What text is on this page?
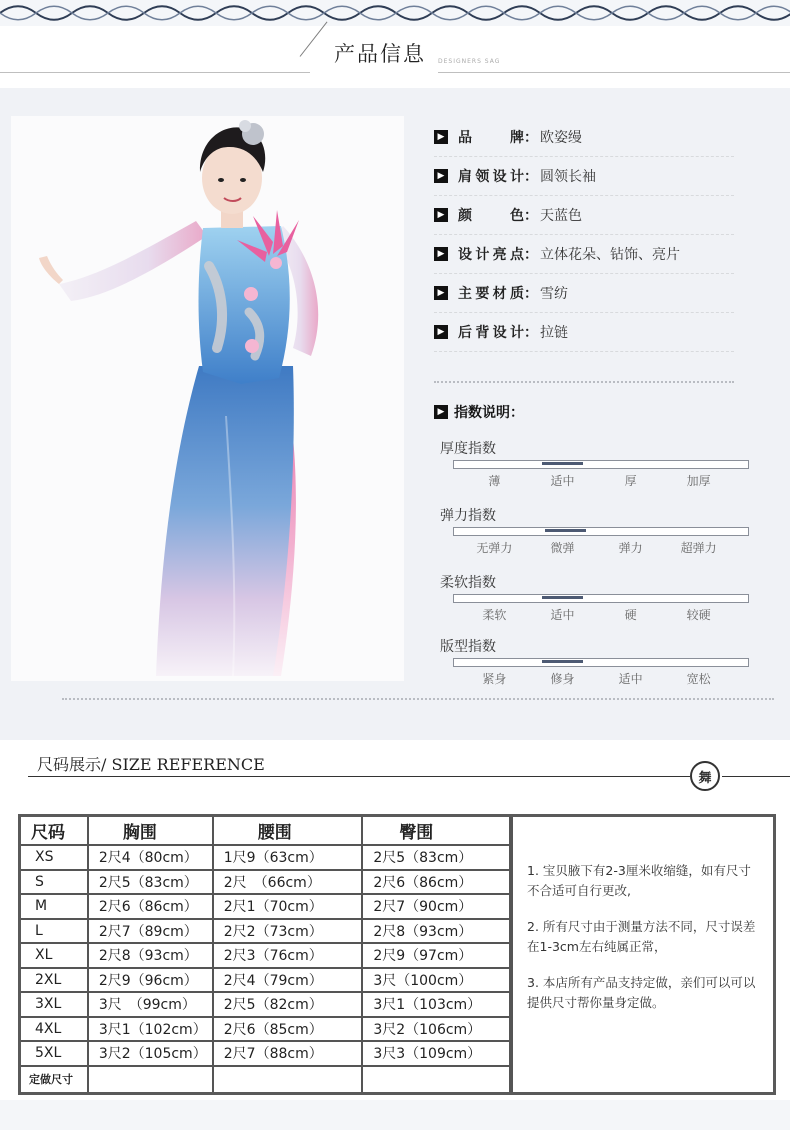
产品信息 DESIGNERS SAG
▶ 品　　牌 ： 欧姿缦
▶ 肩领设计 ： 圆领长袖
▶ 颜　　色 ： 天蓝色
▶ 设计亮点 ： 立体花朵、钻饰、亮片
▶ 主要材质 ： 雪纺
▶ 后背设计 ： 拉链
▶ 指数说明：
厚度指数
薄	适中	厚	加厚
弹力指数
无弹力	微弹	弹力	超弹力
柔软指数
柔软	适中	硬	较硬
版型指数
紧身	修身	适中	宽松
尺码展示/ SIZE REFERENCE
舞
尺码	胸围	腰围	臀围
XS	2尺4（80cm）	1尺9（63cm）	2尺5（83cm）
S	2尺5（83cm）	2尺　（66cm）	2尺6（86cm）
M	2尺6（86cm）	2尺1（70cm）	2尺7（90cm）
L	2尺7（89cm）	2尺2（73cm）	2尺8（93cm）
XL	2尺8（93cm）	2尺3（76cm）	2尺9（97cm）
2XL	2尺9（96cm）	2尺4（79cm）	3尺（100cm）
3XL	3尺　（99cm）	2尺5（82cm）	3尺1（103cm）
4XL	3尺1（102cm）	2尺6（85cm）	3尺2（106cm）
5XL	3尺2（105cm）	2尺7（88cm）	3尺3（109cm）
定做尺寸			

1. 宝贝腋下有2-3厘米收缩缝，如有尺寸不合适可自行更改,

2. 所有尺寸由于测量方法不同，尺寸误差在1-3cm左右纯属正常，

3. 本店所有产品支持定做，亲们可以可以提供尺寸帮你量身定做。
